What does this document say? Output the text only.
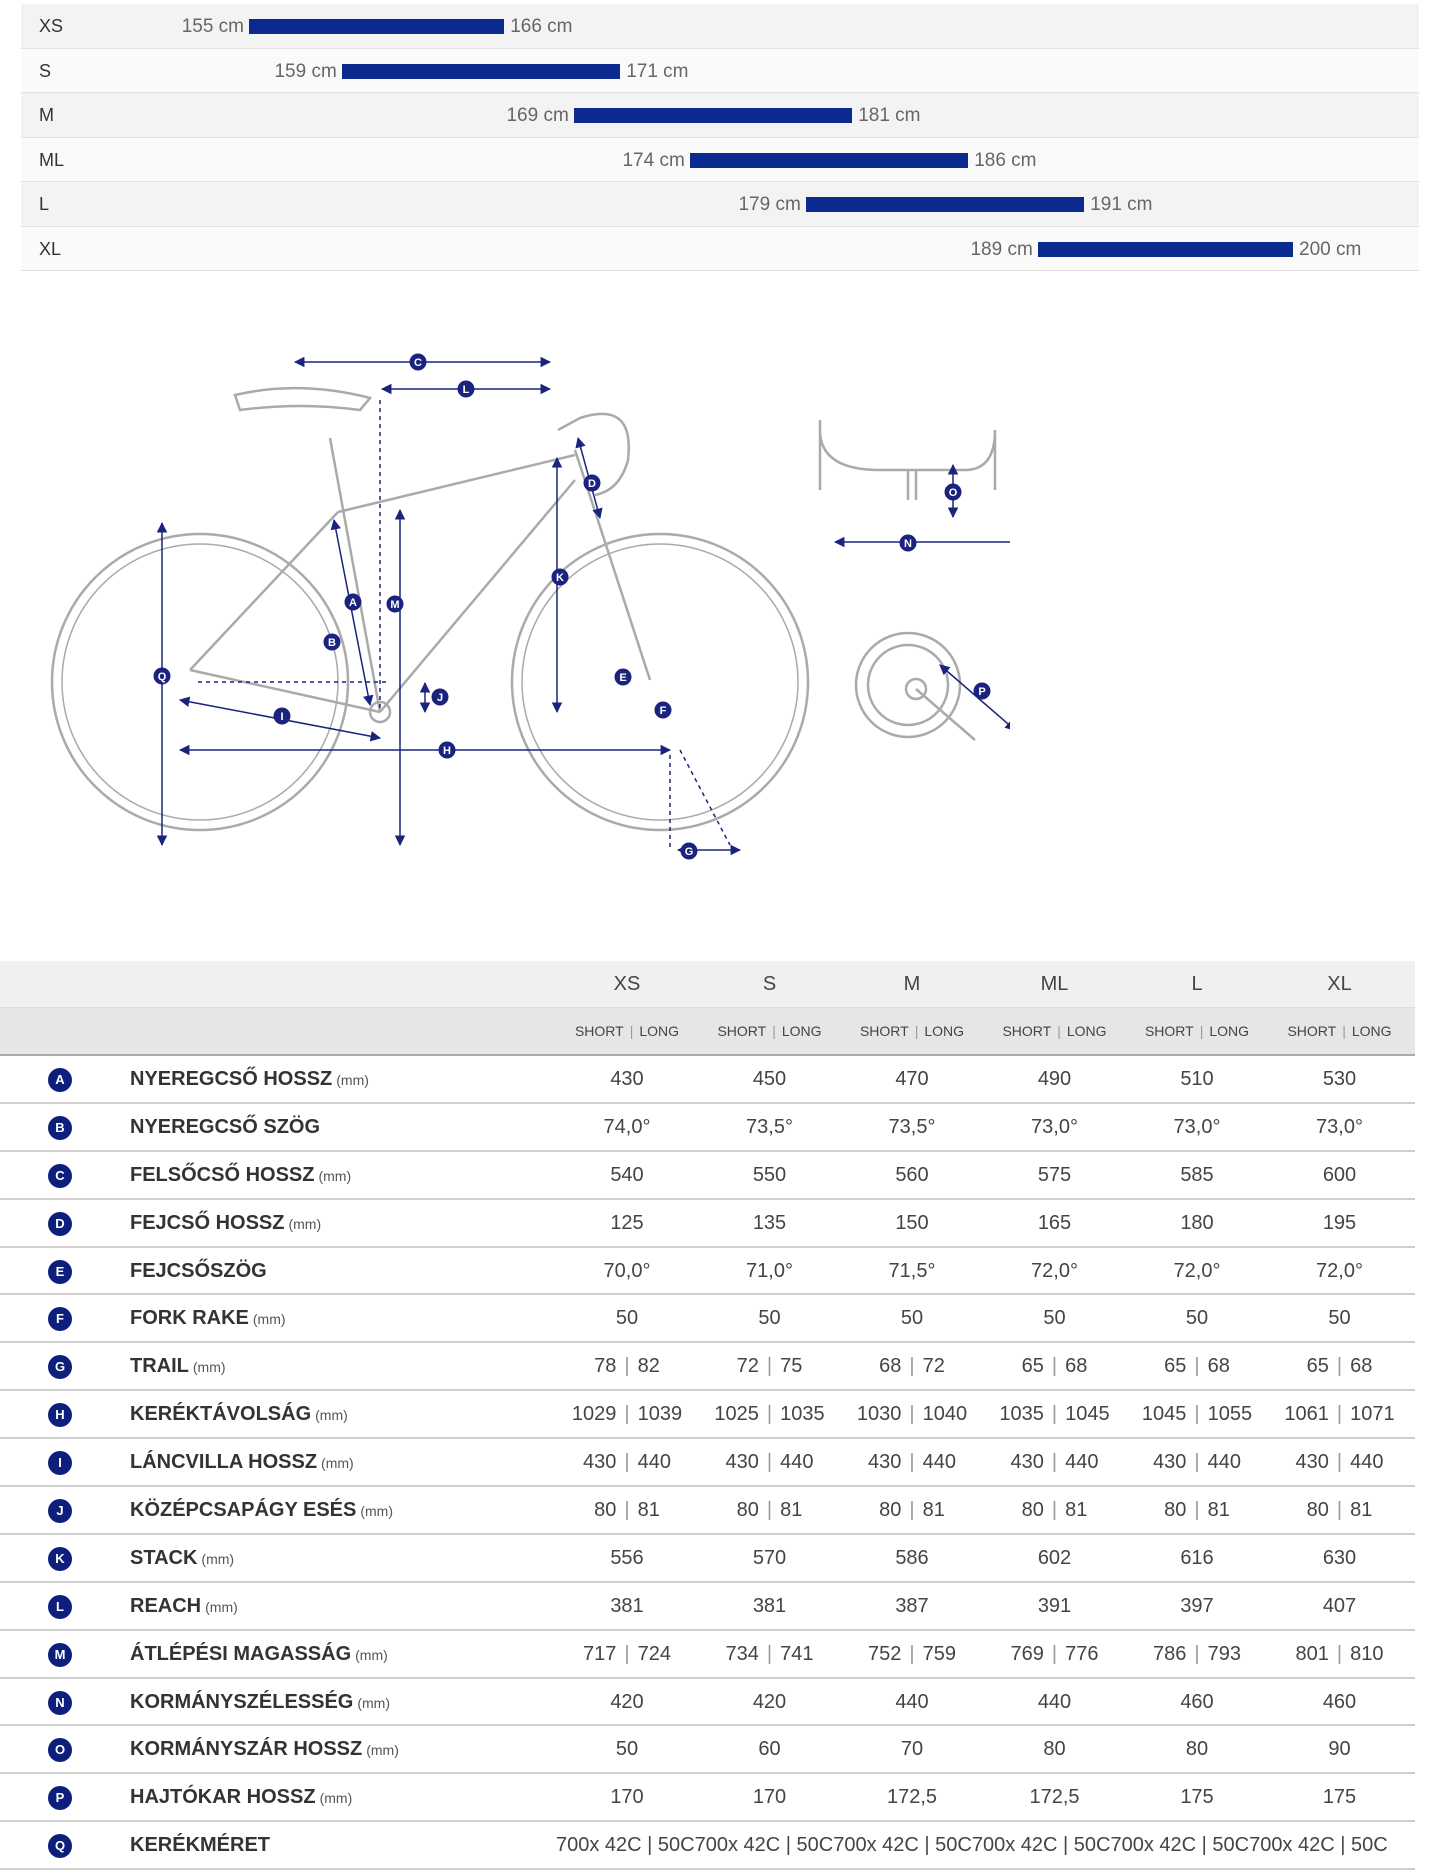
XS	155 cm	166 cm
S	159 cm	171 cm
M	169 cm	181 cm
ML	174 cm	186 cm
L	179 cm	191 cm
XL	189 cm	200 cm
A
B
C
D
E
F
G
H
I
J
K
L
M
N
O
P
Q
XS	S	M	ML	L	XL
SHORT | LONG	SHORT | LONG	SHORT | LONG	SHORT | LONG	SHORT | LONG	SHORT | LONG
A	NYEREGCSŐ HOSSZ (mm)	430	450	470	490	510	530
B	NYEREGCSŐ SZÖG	74,0°	73,5°	73,5°	73,0°	73,0°	73,0°
C	FELSŐCSŐ HOSSZ (mm)	540	550	560	575	585	600
D	FEJCSŐ HOSSZ (mm)	125	135	150	165	180	195
E	FEJCSŐSZÖG	70,0°	71,0°	71,5°	72,0°	72,0°	72,0°
F	FORK RAKE (mm)	50	50	50	50	50	50
G	TRAIL (mm)	78 | 82	72 | 75	68 | 72	65 | 68	65 | 68	65 | 68
H	KERÉKTÁVOLSÁG (mm)	1029 | 1039	1025 | 1035	1030 | 1040	1035 | 1045	1045 | 1055	1061 | 1071
I	LÁNCVILLA HOSSZ (mm)	430 | 440	430 | 440	430 | 440	430 | 440	430 | 440	430 | 440
J	KÖZÉPCSAPÁGY ESÉS (mm)	80 | 81	80 | 81	80 | 81	80 | 81	80 | 81	80 | 81
K	STACK (mm)	556	570	586	602	616	630
L	REACH (mm)	381	381	387	391	397	407
M	ÁTLÉPÉSI MAGASSÁG (mm)	717 | 724	734 | 741	752 | 759	769 | 776	786 | 793	801 | 810
N	KORMÁNYSZÉLESSÉG (mm)	420	420	440	440	460	460
O	KORMÁNYSZÁR HOSSZ (mm)	50	60	70	80	80	90
P	HAJTÓKAR HOSSZ (mm)	170	170	172,5	172,5	175	175
Q	KERÉKMÉRET	700x 42C | 50C700x 42C | 50C700x 42C | 50C700x 42C | 50C700x 42C | 50C700x 42C | 50C
